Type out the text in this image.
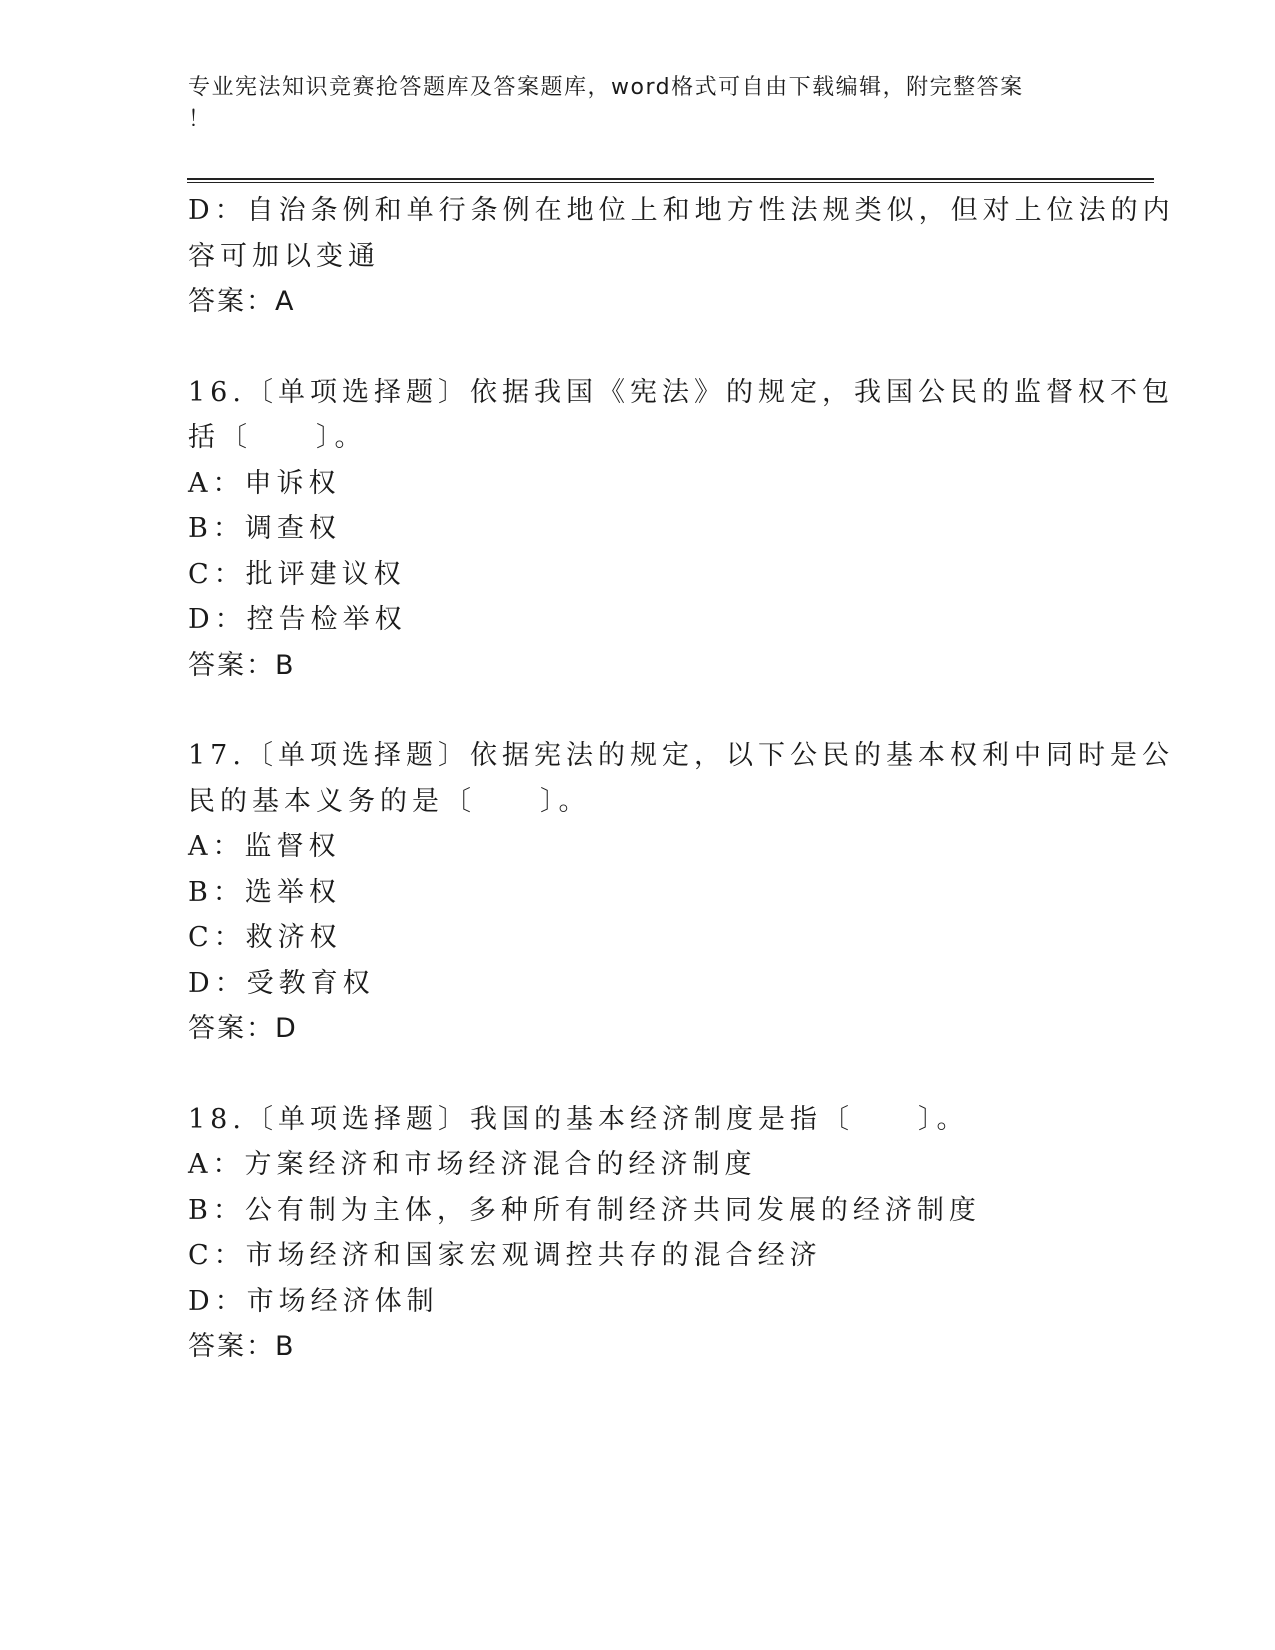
专业宪法知识竞赛抢答题库及答案题库，word格式可自由下载编辑，附完整答案
！
D：自治条例和单行条例在地位上和地方性法规类似，但对上位法的内
容可加以变通
答案：A
16.〔单项选择题〕依据我国《宪法》的规定，我国公民的监督权不包
括〔　　〕。
A：申诉权
B：调查权
C：批评建议权
D：控告检举权
答案：B
17.〔单项选择题〕依据宪法的规定，以下公民的基本权利中同时是公
民的基本义务的是〔　　〕。
A：监督权
B：选举权
C：救济权
D：受教育权
答案：D
18.〔单项选择题〕我国的基本经济制度是指〔　　〕。
A：方案经济和市场经济混合的经济制度
B：公有制为主体，多种所有制经济共同发展的经济制度
C：市场经济和国家宏观调控共存的混合经济
D：市场经济体制
答案：B
